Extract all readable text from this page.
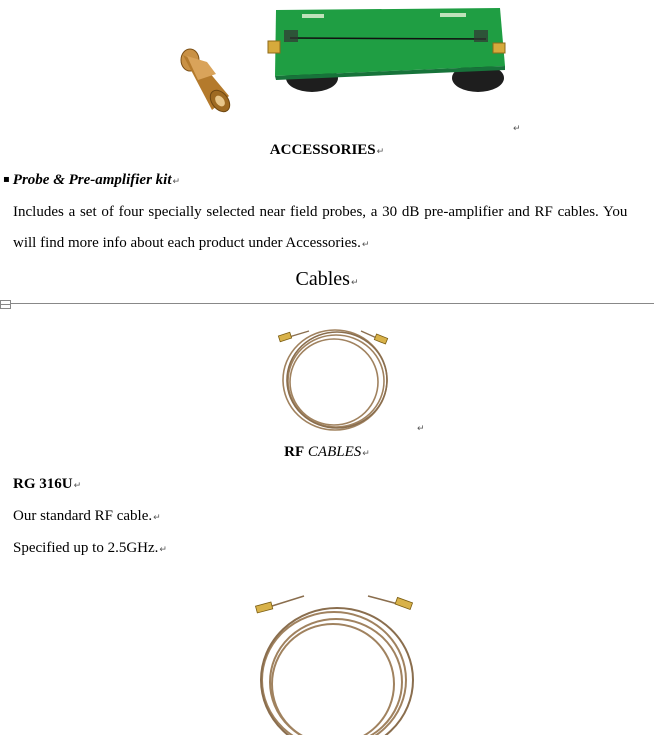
↵
ACCESSORIES↵
▪ Probe & Pre-amplifier kit↵
Includes a set of four specially selected near field probes, a 30 dB pre-amplifier and RF cables. You
will find more info about each product under Accessories.↵
Cables↵
↵
RF CABLES↵
RG 316U↵
Our standard RF cable.↵
Specified up to 2.5GHz.↵
